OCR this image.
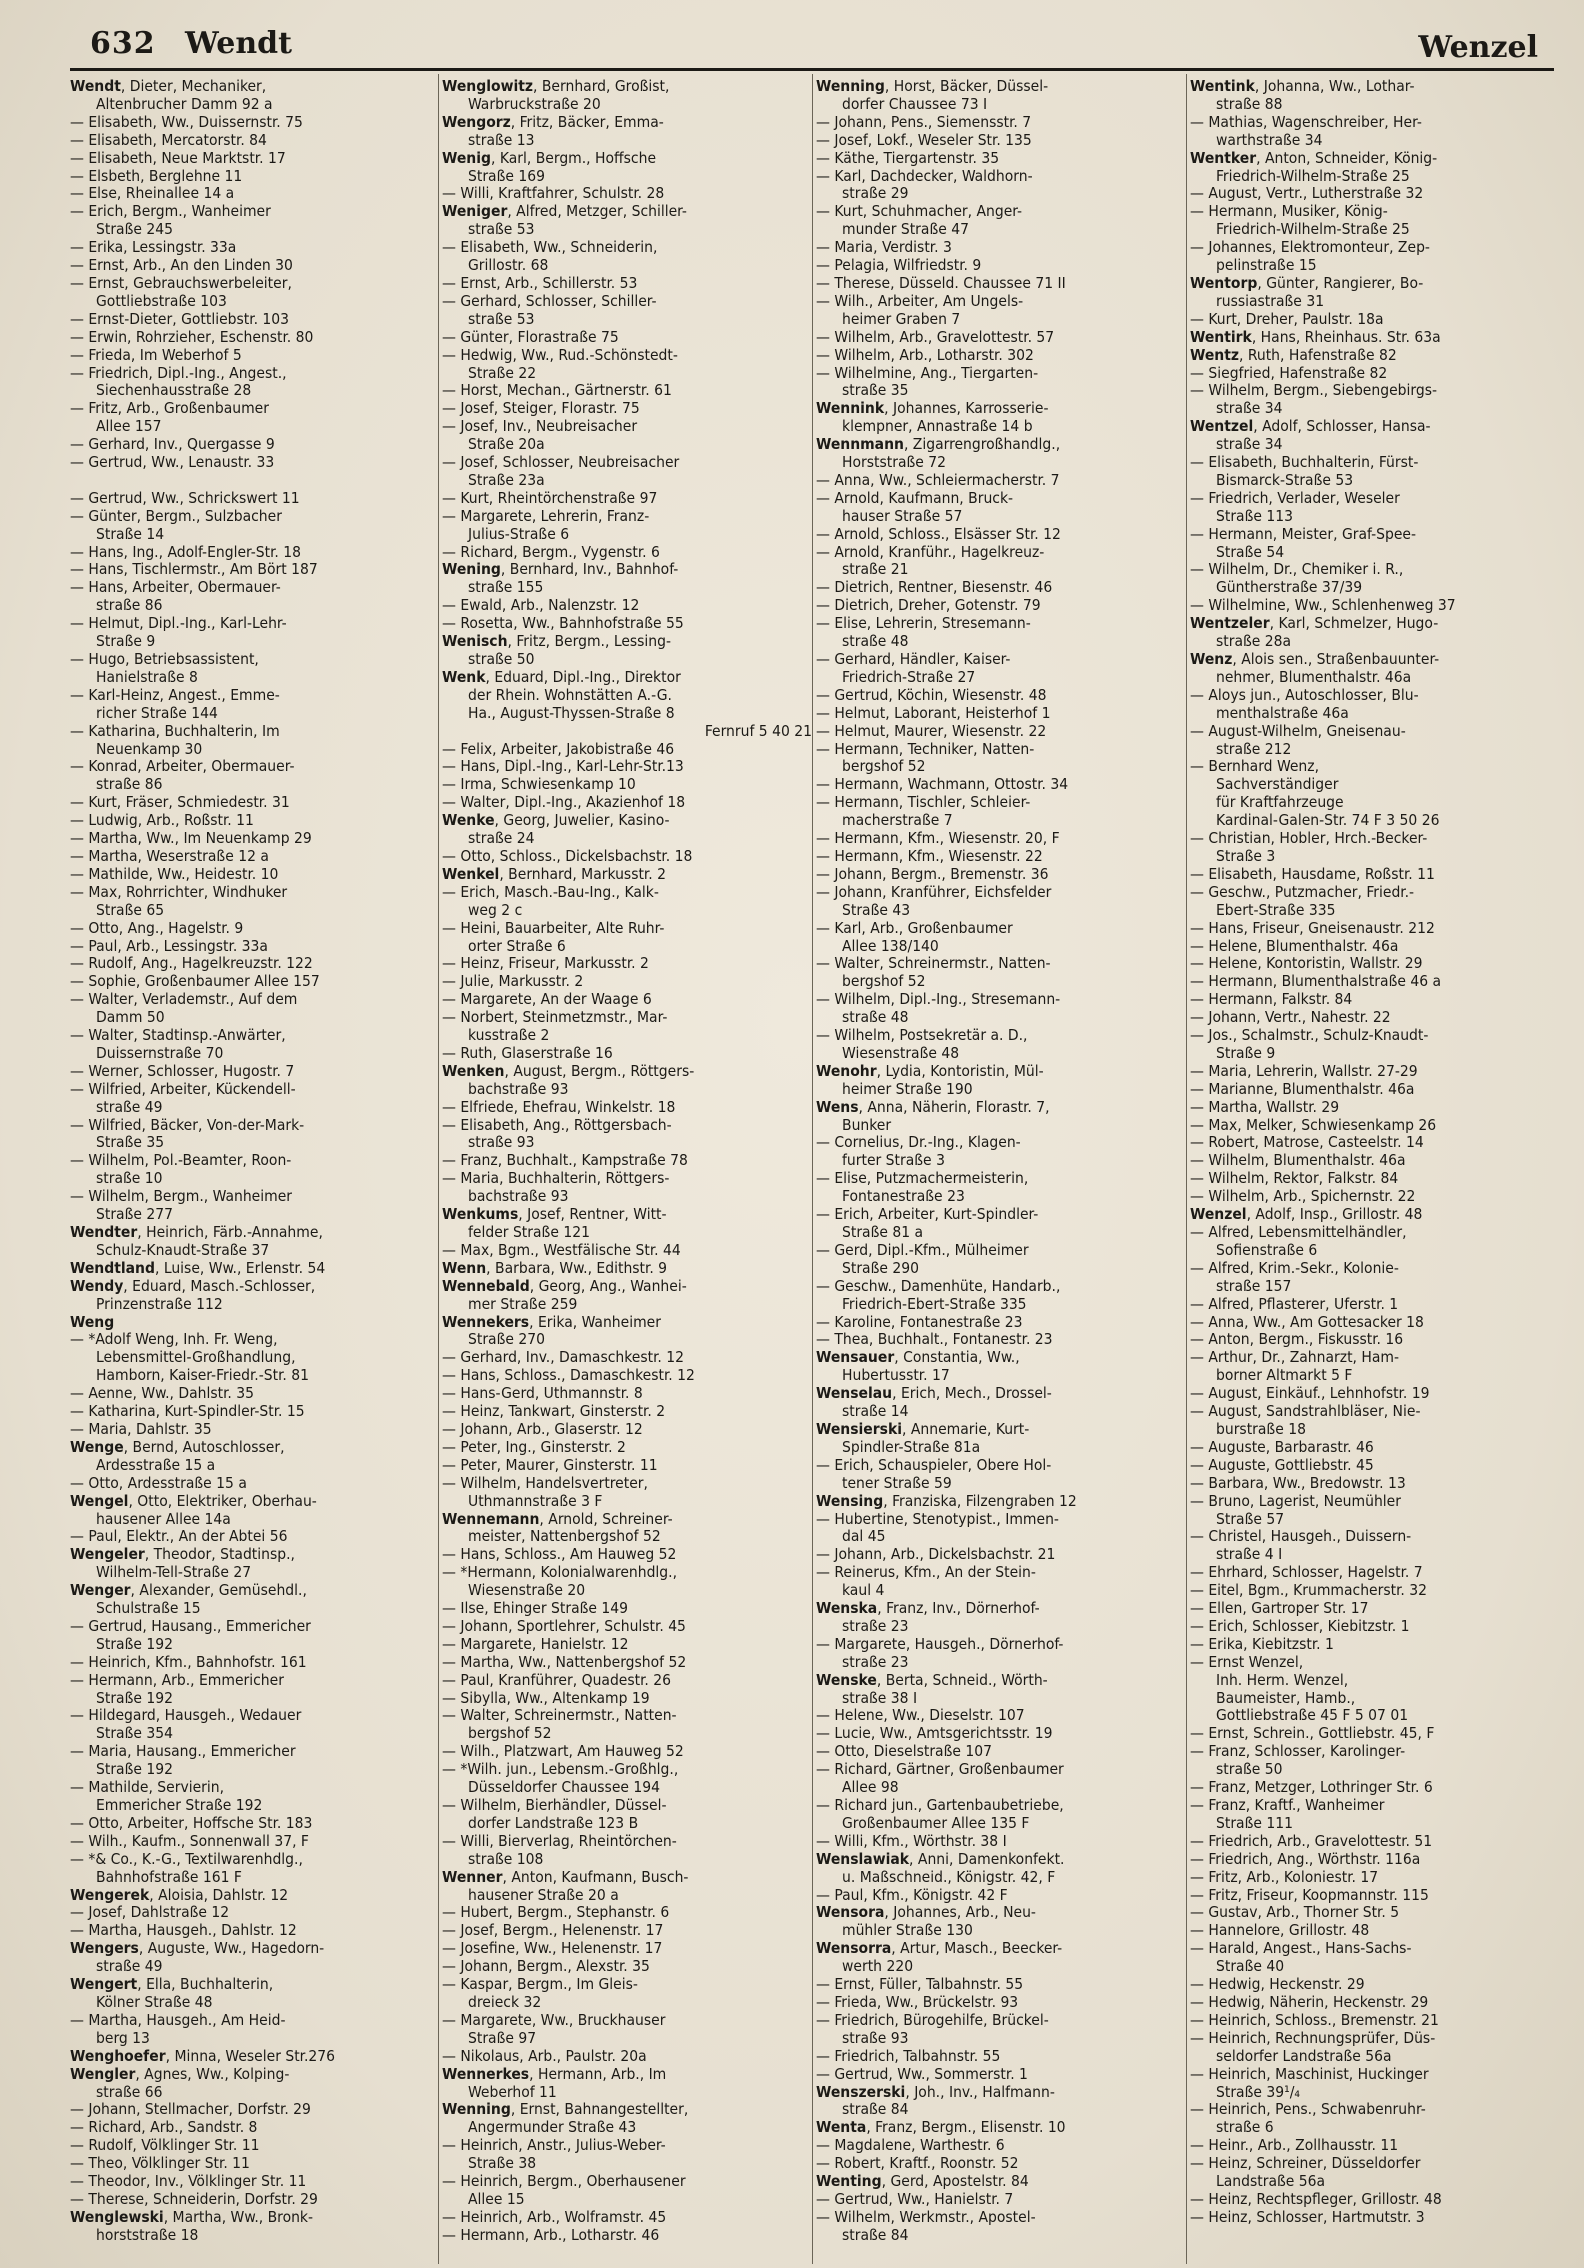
632 Wendt	Wenzel
Wendt, Dieter, Mechaniker,
Altenbrucher Damm 92 a
— Elisabeth, Ww., Duissernstr. 75
— Elisabeth, Mercatorstr. 84
— Elisabeth, Neue Marktstr. 17
— Elsbeth, Berglehne 11
— Else, Rheinallee 14 a
— Erich, Bergm., Wanheimer
Straße 245
— Erika, Lessingstr. 33a
— Ernst, Arb., An den Linden 30
— Ernst, Gebrauchswerbeleiter,
Gottliebstraße 103
— Ernst-Dieter, Gottliebstr. 103
— Erwin, Rohrzieher, Eschenstr. 80
— Frieda, Im Weberhof 5
— Friedrich, Dipl.-Ing., Angest.,
Siechenhausstraße 28
— Fritz, Arb., Großenbaumer
Allee 157
— Gerhard, Inv., Quergasse 9
— Gertrud, Ww., Lenaustr. 33

— Gertrud, Ww., Schrickswert 11
— Günter, Bergm., Sulzbacher
Straße 14
— Hans, Ing., Adolf-Engler-Str. 18
— Hans, Tischlermstr., Am Bört 187
— Hans, Arbeiter, Obermauer-
straße 86
— Helmut, Dipl.-Ing., Karl-Lehr-
Straße 9
— Hugo, Betriebsassistent,
Hanielstraße 8
— Karl-Heinz, Angest., Emme-
richer Straße 144
— Katharina, Buchhalterin, Im
Neuenkamp 30
— Konrad, Arbeiter, Obermauer-
straße 86
— Kurt, Fräser, Schmiedestr. 31
— Ludwig, Arb., Roßstr. 11
— Martha, Ww., Im Neuenkamp 29
— Martha, Weserstraße 12 a
— Mathilde, Ww., Heidestr. 10
— Max, Rohrrichter, Windhuker
Straße 65
— Otto, Ang., Hagelstr. 9
— Paul, Arb., Lessingstr. 33a
— Rudolf, Ang., Hagelkreuzstr. 122
— Sophie, Großenbaumer Allee 157
— Walter, Verlademstr., Auf dem
Damm 50
— Walter, Stadtinsp.-Anwärter,
Duissernstraße 70
— Werner, Schlosser, Hugostr. 7
— Wilfried, Arbeiter, Kückendell-
straße 49
— Wilfried, Bäcker, Von-der-Mark-
Straße 35
— Wilhelm, Pol.-Beamter, Roon-
straße 10
— Wilhelm, Bergm., Wanheimer
Straße 277
Wendter, Heinrich, Färb.-Annahme,
Schulz-Knaudt-Straße 37
Wendtland, Luise, Ww., Erlenstr. 54
Wendy, Eduard, Masch.-Schlosser,
Prinzenstraße 112
Weng
— *Adolf Weng, Inh. Fr. Weng,
Lebensmittel-Großhandlung,
Hamborn, Kaiser-Friedr.-Str. 81
— Aenne, Ww., Dahlstr. 35
— Katharina, Kurt-Spindler-Str. 15
— Maria, Dahlstr. 35
Wenge, Bernd, Autoschlosser,
Ardesstraße 15 a
— Otto, Ardesstraße 15 a
Wengel, Otto, Elektriker, Oberhau-
hausener Allee 14a
— Paul, Elektr., An der Abtei 56
Wengeler, Theodor, Stadtinsp.,
Wilhelm-Tell-Straße 27
Wenger, Alexander, Gemüsehdl.,
Schulstraße 15
— Gertrud, Hausang., Emmericher
Straße 192
— Heinrich, Kfm., Bahnhofstr. 161
— Hermann, Arb., Emmericher
Straße 192
— Hildegard, Hausgeh., Wedauer
Straße 354
— Maria, Hausang., Emmericher
Straße 192
— Mathilde, Servierin,
Emmericher Straße 192
— Otto, Arbeiter, Hoffsche Str. 183
— Wilh., Kaufm., Sonnenwall 37, F
— *& Co., K.-G., Textilwarenhdlg.,
Bahnhofstraße 161 F
Wengerek, Aloisia, Dahlstr. 12
— Josef, Dahlstraße 12
— Martha, Hausgeh., Dahlstr. 12
Wengers, Auguste, Ww., Hagedorn-
straße 49
Wengert, Ella, Buchhalterin,
Kölner Straße 48
— Martha, Hausgeh., Am Heid-
berg 13
Wenghoefer, Minna, Weseler Str.276
Wengler, Agnes, Ww., Kolping-
straße 66
— Johann, Stellmacher, Dorfstr. 29
— Richard, Arb., Sandstr. 8
— Rudolf, Völklinger Str. 11
— Theo, Völklinger Str. 11
— Theodor, Inv., Völklinger Str. 11
— Therese, Schneiderin, Dorfstr. 29
Wenglewski, Martha, Ww., Bronk-
horststraße 18
Wenglowitz, Bernhard, Großist,
Warbruckstraße 20
Wengorz, Fritz, Bäcker, Emma-
straße 13
Wenig, Karl, Bergm., Hoffsche
Straße 169
— Willi, Kraftfahrer, Schulstr. 28
Weniger, Alfred, Metzger, Schiller-
straße 53
— Elisabeth, Ww., Schneiderin,
Grillostr. 68
— Ernst, Arb., Schillerstr. 53
— Gerhard, Schlosser, Schiller-
straße 53
— Günter, Florastraße 75
— Hedwig, Ww., Rud.-Schönstedt-
Straße 22
— Horst, Mechan., Gärtnerstr. 61
— Josef, Steiger, Florastr. 75
— Josef, Inv., Neubreisacher
Straße 20a
— Josef, Schlosser, Neubreisacher
Straße 23a
— Kurt, Rheintörchenstraße 97
— Margarete, Lehrerin, Franz-
Julius-Straße 6
— Richard, Bergm., Vygenstr. 6
Wening, Bernhard, Inv., Bahnhof-
straße 155
— Ewald, Arb., Nalenzstr. 12
— Rosetta, Ww., Bahnhofstraße 55
Wenisch, Fritz, Bergm., Lessing-
straße 50
Wenk, Eduard, Dipl.-Ing., Direktor
der Rhein. Wohnstätten A.-G.
Ha., August-Thyssen-Straße 8
Fernruf 5 40 21
— Felix, Arbeiter, Jakobistraße 46
— Hans, Dipl.-Ing., Karl-Lehr-Str.13
— Irma, Schwiesenkamp 10
— Walter, Dipl.-Ing., Akazienhof 18
Wenke, Georg, Juwelier, Kasino-
straße 24
— Otto, Schloss., Dickelsbachstr. 18
Wenkel, Bernhard, Markusstr. 2
— Erich, Masch.-Bau-Ing., Kalk-
weg 2 c
— Heini, Bauarbeiter, Alte Ruhr-
orter Straße 6
— Heinz, Friseur, Markusstr. 2
— Julie, Markusstr. 2
— Margarete, An der Waage 6
— Norbert, Steinmetzmstr., Mar-
kusstraße 2
— Ruth, Glaserstraße 16
Wenken, August, Bergm., Röttgers-
bachstraße 93
— Elfriede, Ehefrau, Winkelstr. 18
— Elisabeth, Ang., Röttgersbach-
straße 93
— Franz, Buchhalt., Kampstraße 78
— Maria, Buchhalterin, Röttgers-
bachstraße 93
Wenkums, Josef, Rentner, Witt-
felder Straße 121
— Max, Bgm., Westfälische Str. 44
Wenn, Barbara, Ww., Edithstr. 9
Wennebald, Georg, Ang., Wanhei-
mer Straße 259
Wennekers, Erika, Wanheimer
Straße 270
— Gerhard, Inv., Damaschkestr. 12
— Hans, Schloss., Damaschkestr. 12
— Hans-Gerd, Uthmannstr. 8
— Heinz, Tankwart, Ginsterstr. 2
— Johann, Arb., Glaserstr. 12
— Peter, Ing., Ginsterstr. 2
— Peter, Maurer, Ginsterstr. 11
— Wilhelm, Handelsvertreter,
Uthmannstraße 3 F
Wennemann, Arnold, Schreiner-
meister, Nattenbergshof 52
— Hans, Schloss., Am Hauweg 52
— *Hermann, Kolonialwarenhdlg.,
Wiesenstraße 20
— Ilse, Ehinger Straße 149
— Johann, Sportlehrer, Schulstr. 45
— Margarete, Hanielstr. 12
— Martha, Ww., Nattenbergshof 52
— Paul, Kranführer, Quadestr. 26
— Sibylla, Ww., Altenkamp 19
— Walter, Schreinermstr., Natten-
bergshof 52
— Wilh., Platzwart, Am Hauweg 52
— *Wilh. jun., Lebensm.-Großhlg.,
Düsseldorfer Chaussee 194
— Wilhelm, Bierhändler, Düssel-
dorfer Landstraße 123 B
— Willi, Bierverlag, Rheintörchen-
straße 108
Wenner, Anton, Kaufmann, Busch-
hausener Straße 20 a
— Hubert, Bergm., Stephanstr. 6
— Josef, Bergm., Helenenstr. 17
— Josefine, Ww., Helenenstr. 17
— Johann, Bergm., Alexstr. 35
— Kaspar, Bergm., Im Gleis-
dreieck 32
— Margarete, Ww., Bruckhauser
Straße 97
— Nikolaus, Arb., Paulstr. 20a
Wennerkes, Hermann, Arb., Im
Weberhof 11
Wenning, Ernst, Bahnangestellter,
Angermunder Straße 43
— Heinrich, Anstr., Julius-Weber-
Straße 38
— Heinrich, Bergm., Oberhausener
Allee 15
— Heinrich, Arb., Wolframstr. 45
— Hermann, Arb., Lotharstr. 46
Wenning, Horst, Bäcker, Düssel-
dorfer Chaussee 73 I
— Johann, Pens., Siemensstr. 7
— Josef, Lokf., Weseler Str. 135
— Käthe, Tiergartenstr. 35
— Karl, Dachdecker, Waldhorn-
straße 29
— Kurt, Schuhmacher, Anger-
munder Straße 47
— Maria, Verdistr. 3
— Pelagia, Wilfriedstr. 9
— Therese, Düsseld. Chaussee 71 II
— Wilh., Arbeiter, Am Ungels-
heimer Graben 7
— Wilhelm, Arb., Gravelottestr. 57
— Wilhelm, Arb., Lotharstr. 302
— Wilhelmine, Ang., Tiergarten-
straße 35
Wennink, Johannes, Karrosserie-
klempner, Annastraße 14 b
Wennmann, Zigarrengroßhandlg.,
Horststraße 72
— Anna, Ww., Schleiermacherstr. 7
— Arnold, Kaufmann, Bruck-
hauser Straße 57
— Arnold, Schloss., Elsässer Str. 12
— Arnold, Kranführ., Hagelkreuz-
straße 21
— Dietrich, Rentner, Biesenstr. 46
— Dietrich, Dreher, Gotenstr. 79
— Elise, Lehrerin, Stresemann-
straße 48
— Gerhard, Händler, Kaiser-
Friedrich-Straße 27
— Gertrud, Köchin, Wiesenstr. 48
— Helmut, Laborant, Heisterhof 1
— Helmut, Maurer, Wiesenstr. 22
— Hermann, Techniker, Natten-
bergshof 52
— Hermann, Wachmann, Ottostr. 34
— Hermann, Tischler, Schleier-
macherstraße 7
— Hermann, Kfm., Wiesenstr. 20, F
— Hermann, Kfm., Wiesenstr. 22
— Johann, Bergm., Bremenstr. 36
— Johann, Kranführer, Eichsfelder
Straße 43
— Karl, Arb., Großenbaumer
Allee 138/140
— Walter, Schreinermstr., Natten-
bergshof 52
— Wilhelm, Dipl.-Ing., Stresemann-
straße 48
— Wilhelm, Postsekretär a. D.,
Wiesenstraße 48
Wenohr, Lydia, Kontoristin, Mül-
heimer Straße 190
Wens, Anna, Näherin, Florastr. 7,
Bunker
— Cornelius, Dr.-Ing., Klagen-
furter Straße 3
— Elise, Putzmachermeisterin,
Fontanestraße 23
— Erich, Arbeiter, Kurt-Spindler-
Straße 81 a
— Gerd, Dipl.-Kfm., Mülheimer
Straße 290
— Geschw., Damenhüte, Handarb.,
Friedrich-Ebert-Straße 335
— Karoline, Fontanestraße 23
— Thea, Buchhalt., Fontanestr. 23
Wensauer, Constantia, Ww.,
Hubertusstr. 17
Wenselau, Erich, Mech., Drossel-
straße 14
Wensierski, Annemarie, Kurt-
Spindler-Straße 81a
— Erich, Schauspieler, Obere Hol-
tener Straße 59
Wensing, Franziska, Filzengraben 12
— Hubertine, Stenotypist., Immen-
dal 45
— Johann, Arb., Dickelsbachstr. 21
— Reinerus, Kfm., An der Stein-
kaul 4
Wenska, Franz, Inv., Dörnerhof-
straße 23
— Margarete, Hausgeh., Dörnerhof-
straße 23
Wenske, Berta, Schneid., Wörth-
straße 38 I
— Helene, Ww., Dieselstr. 107
— Lucie, Ww., Amtsgerichtsstr. 19
— Otto, Dieselstraße 107
— Richard, Gärtner, Großenbaumer
Allee 98
— Richard jun., Gartenbaubetriebe,
Großenbaumer Allee 135 F
— Willi, Kfm., Wörthstr. 38 I
Wenslawiak, Anni, Damenkonfekt.
u. Maßschneid., Königstr. 42, F
— Paul, Kfm., Königstr. 42 F
Wensora, Johannes, Arb., Neu-
mühler Straße 130
Wensorra, Artur, Masch., Beecker-
werth 220
— Ernst, Füller, Talbahnstr. 55
— Frieda, Ww., Brückelstr. 93
— Friedrich, Bürogehilfe, Brückel-
straße 93
— Friedrich, Talbahnstr. 55
— Gertrud, Ww., Sommerstr. 1
Wenszerski, Joh., Inv., Halfmann-
straße 84
Wenta, Franz, Bergm., Elisenstr. 10
— Magdalene, Warthestr. 6
— Robert, Kraftf., Roonstr. 52
Wenting, Gerd, Apostelstr. 84
— Gertrud, Ww., Hanielstr. 7
— Wilhelm, Werkmstr., Apostel-
straße 84
Wentink, Johanna, Ww., Lothar-
straße 88
— Mathias, Wagenschreiber, Her-
warthstraße 34
Wentker, Anton, Schneider, König-
Friedrich-Wilhelm-Straße 25
— August, Vertr., Lutherstraße 32
— Hermann, Musiker, König-
Friedrich-Wilhelm-Straße 25
— Johannes, Elektromonteur, Zep-
pelinstraße 15
Wentorp, Günter, Rangierer, Bo-
russiastraße 31
— Kurt, Dreher, Paulstr. 18a
Wentirk, Hans, Rheinhaus. Str. 63a
Wentz, Ruth, Hafenstraße 82
— Siegfried, Hafenstraße 82
— Wilhelm, Bergm., Siebengebirgs-
straße 34
Wentzel, Adolf, Schlosser, Hansa-
straße 34
— Elisabeth, Buchhalterin, Fürst-
Bismarck-Straße 53
— Friedrich, Verlader, Weseler
Straße 113
— Hermann, Meister, Graf-Spee-
Straße 54
— Wilhelm, Dr., Chemiker i. R.,
Güntherstraße 37/39
— Wilhelmine, Ww., Schlenhenweg 37
Wentzeler, Karl, Schmelzer, Hugo-
straße 28a
Wenz, Alois sen., Straßenbauunter-
nehmer, Blumenthalstr. 46a
— Aloys jun., Autoschlosser, Blu-
menthalstraße 46a
— August-Wilhelm, Gneisenau-
straße 212
— Bernhard Wenz,
Sachverständiger
für Kraftfahrzeuge
Kardinal-Galen-Str. 74 F 3 50 26
— Christian, Hobler, Hrch.-Becker-
Straße 3
— Elisabeth, Hausdame, Roßstr. 11
— Geschw., Putzmacher, Friedr.-
Ebert-Straße 335
— Hans, Friseur, Gneisenaustr. 212
— Helene, Blumenthalstr. 46a
— Helene, Kontoristin, Wallstr. 29
— Hermann, Blumenthalstraße 46 a
— Hermann, Falkstr. 84
— Johann, Vertr., Nahestr. 22
— Jos., Schalmstr., Schulz-Knaudt-
Straße 9
— Maria, Lehrerin, Wallstr. 27-29
— Marianne, Blumenthalstr. 46a
— Martha, Wallstr. 29
— Max, Melker, Schwiesenkamp 26
— Robert, Matrose, Casteelstr. 14
— Wilhelm, Blumenthalstr. 46a
— Wilhelm, Rektor, Falkstr. 84
— Wilhelm, Arb., Spichernstr. 22
Wenzel, Adolf, Insp., Grillostr. 48
— Alfred, Lebensmittelhändler,
Sofienstraße 6
— Alfred, Krim.-Sekr., Kolonie-
straße 157
— Alfred, Pflasterer, Uferstr. 1
— Anna, Ww., Am Gottesacker 18
— Anton, Bergm., Fiskusstr. 16
— Arthur, Dr., Zahnarzt, Ham-
borner Altmarkt 5 F
— August, Einkäuf., Lehnhofstr. 19
— August, Sandstrahlbläser, Nie-
burstraße 18
— Auguste, Barbarastr. 46
— Auguste, Gottliebstr. 45
— Barbara, Ww., Bredowstr. 13
— Bruno, Lagerist, Neumühler
Straße 57
— Christel, Hausgeh., Duissern-
straße 4 I
— Ehrhard, Schlosser, Hagelstr. 7
— Eitel, Bgm., Krummacherstr. 32
— Ellen, Gartroper Str. 17
— Erich, Schlosser, Kiebitzstr. 1
— Erika, Kiebitzstr. 1
— Ernst Wenzel,
Inh. Herm. Wenzel,
Baumeister, Hamb.,
Gottliebstraße 45 F 5 07 01
— Ernst, Schrein., Gottliebstr. 45, F
— Franz, Schlosser, Karolinger-
straße 50
— Franz, Metzger, Lothringer Str. 6
— Franz, Kraftf., Wanheimer
Straße 111
— Friedrich, Arb., Gravelottestr. 51
— Friedrich, Ang., Wörthstr. 116a
— Fritz, Arb., Koloniestr. 17
— Fritz, Friseur, Koopmannstr. 115
— Gustav, Arb., Thorner Str. 5
— Hannelore, Grillostr. 48
— Harald, Angest., Hans-Sachs-
Straße 40
— Hedwig, Heckenstr. 29
— Hedwig, Näherin, Heckenstr. 29
— Heinrich, Schloss., Bremenstr. 21
— Heinrich, Rechnungsprüfer, Düs-
seldorfer Landstraße 56a
— Heinrich, Maschinist, Huckinger
Straße 39¹/₄
— Heinrich, Pens., Schwabenruhr-
straße 6
— Heinr., Arb., Zollhausstr. 11
— Heinz, Schreiner, Düsseldorfer
Landstraße 56a
— Heinz, Rechtspfleger, Grillostr. 48
— Heinz, Schlosser, Hartmutstr. 3
